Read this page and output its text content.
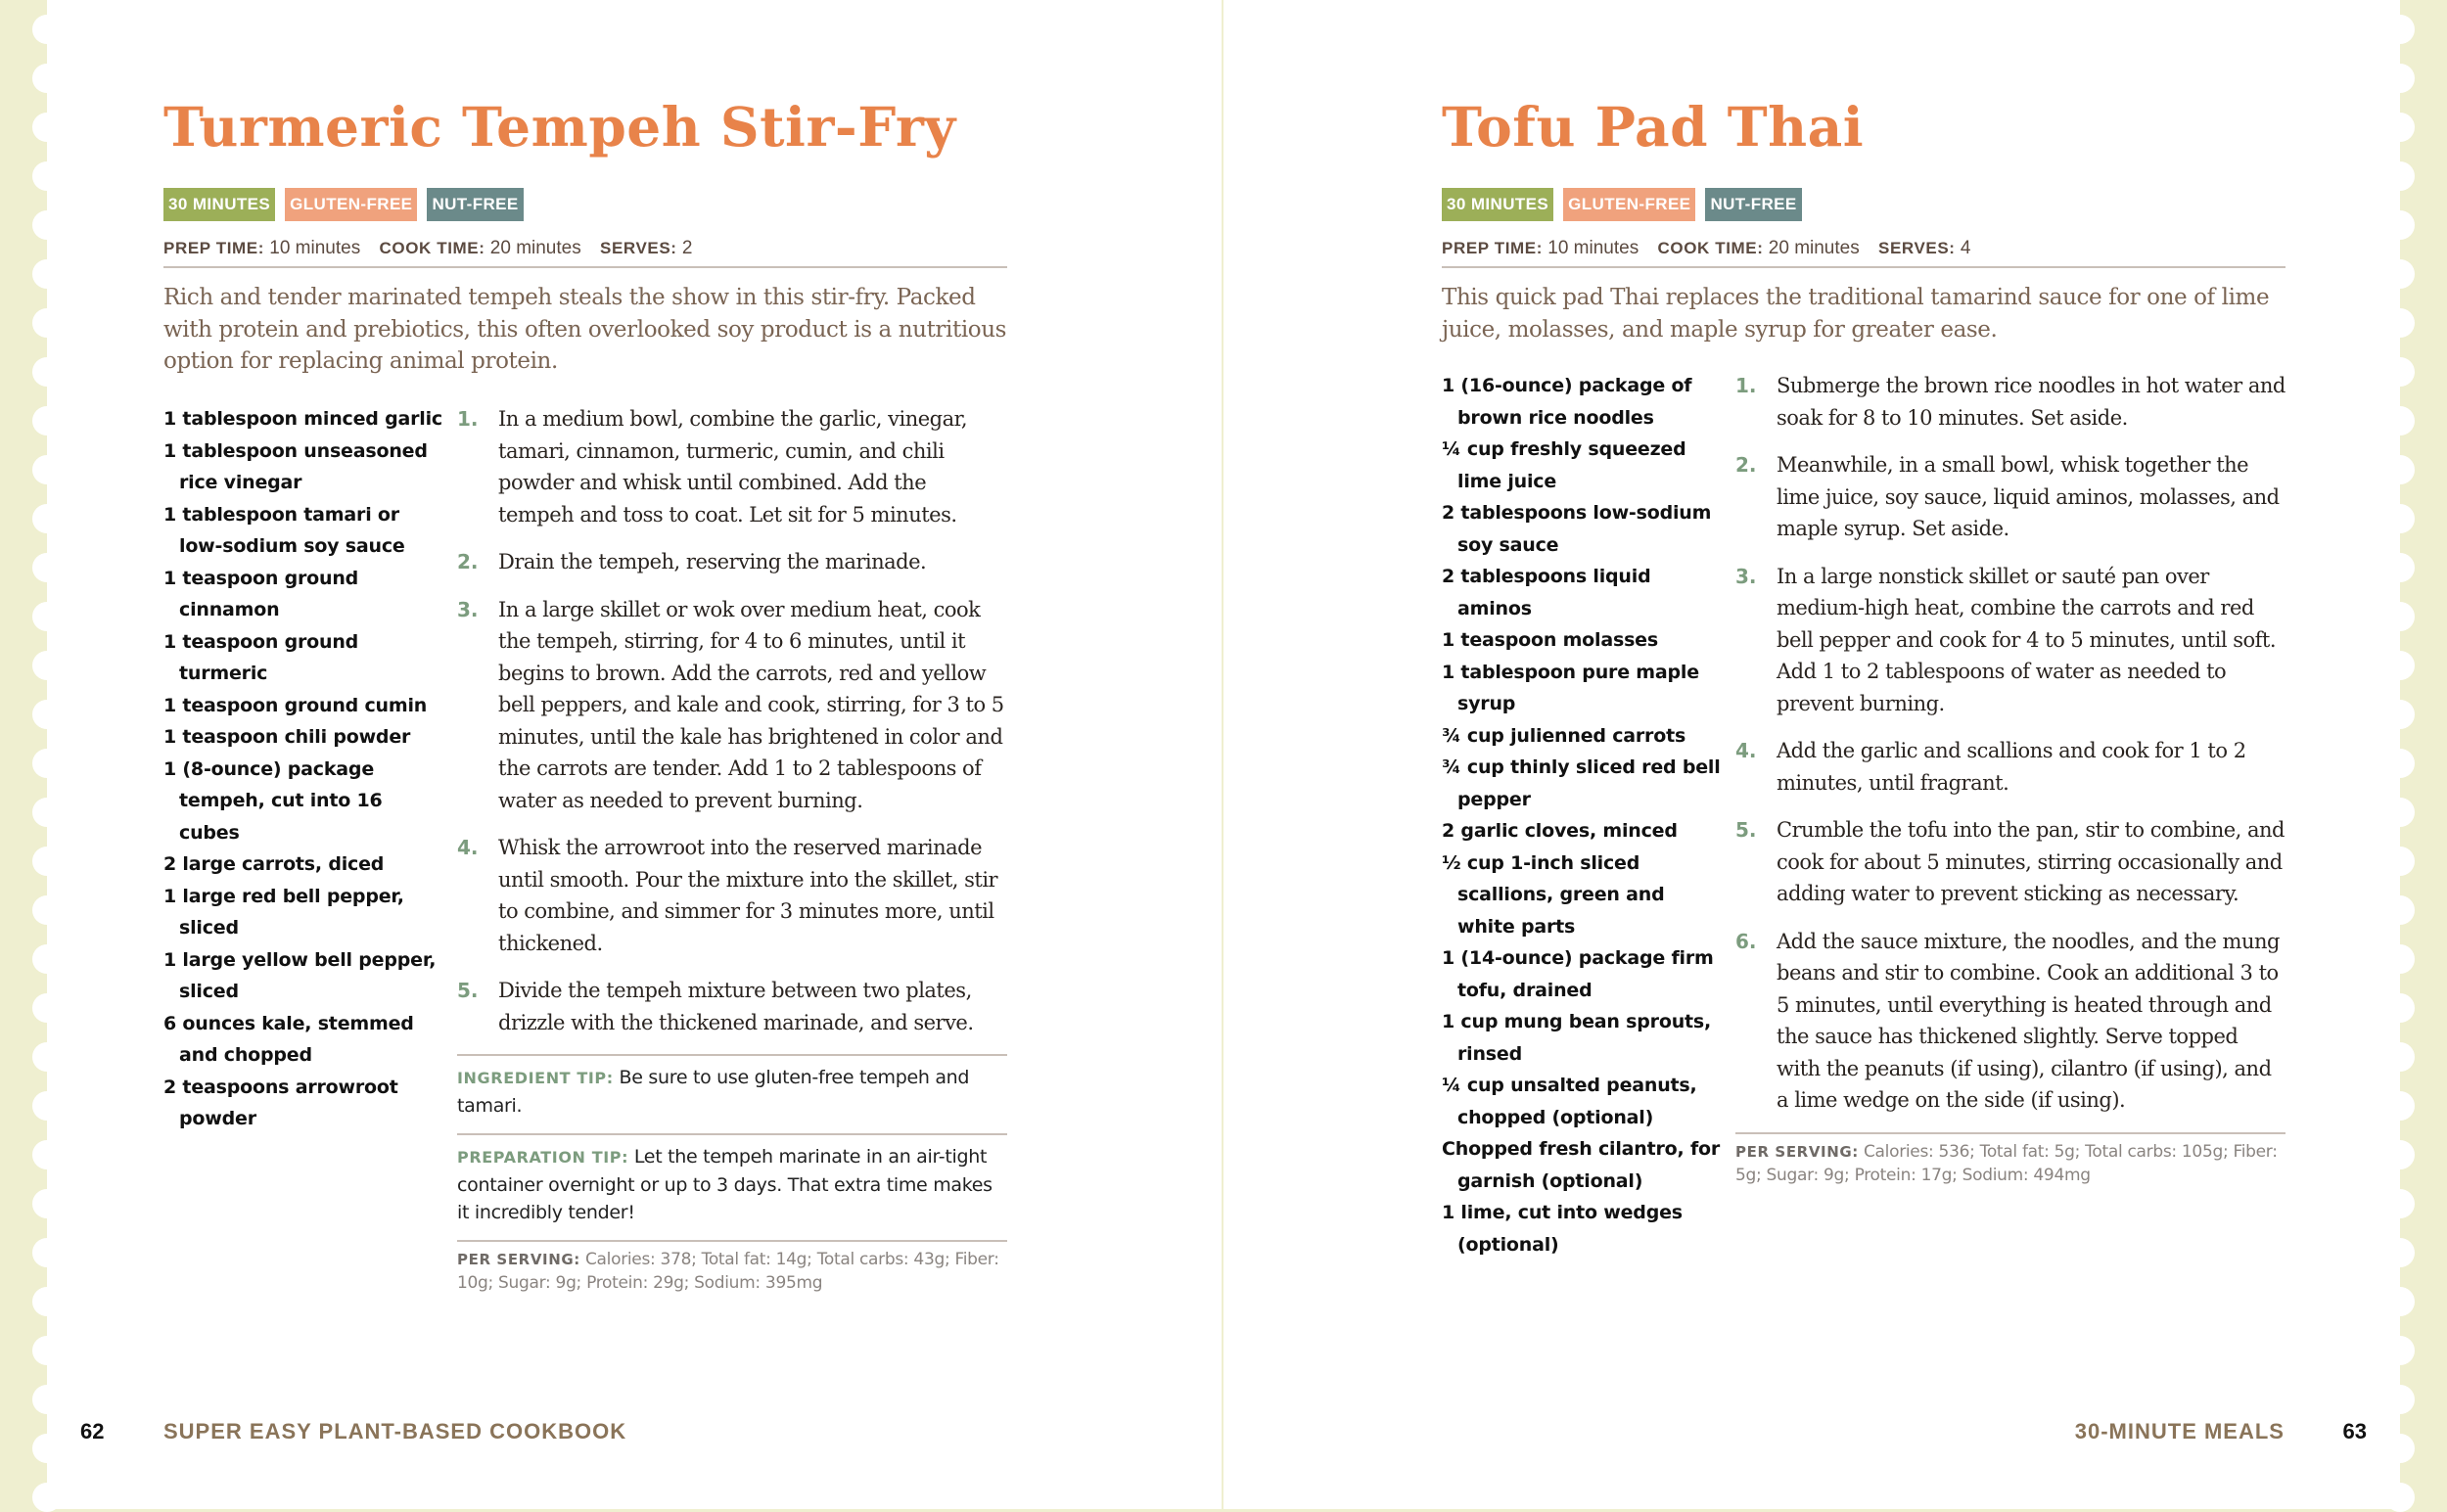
Turmeric Tempeh Stir-Fry
30 MINUTES GLUTEN-FREE NUT-FREE
PREP TIME: 10 minutes COOK TIME: 20 minutes SERVES: 2
Rich and tender marinated tempeh steals the show in this stir-fry. Packed with protein and prebiotics, this often overlooked soy product is a nutritious option for replacing animal protein.
1 tablespoon minced garlic
1 tablespoon unseasoned rice vinegar
1 tablespoon tamari or low-sodium soy sauce
1 teaspoon ground cinnamon
1 teaspoon ground turmeric
1 teaspoon ground cumin
1 teaspoon chili powder
1 (8-ounce) package tempeh, cut into 16 cubes
2 large carrots, diced
1 large red bell pepper, sliced
1 large yellow bell pepper, sliced
6 ounces kale, stemmed and chopped
2 teaspoons arrowroot powder
1. In a medium bowl, combine the garlic, vinegar, tamari, cinnamon, turmeric, cumin, and chili powder and whisk until combined. Add the tempeh and toss to coat. Let sit for 5 minutes.
2. Drain the tempeh, reserving the marinade.
3. In a large skillet or wok over medium heat, cook the tempeh, stirring, for 4 to 6 minutes, until it begins to brown. Add the carrots, red and yellow bell peppers, and kale and cook, stirring, for 3 to 5 minutes, until the kale has brightened in color and the carrots are tender. Add 1 to 2 tablespoons of water as needed to prevent burning.
4. Whisk the arrowroot into the reserved marinade until smooth. Pour the mixture into the skillet, stir to combine, and simmer for 3 minutes more, until thickened.
5. Divide the tempeh mixture between two plates, drizzle with the thickened marinade, and serve.
INGREDIENT TIP: Be sure to use gluten-free tempeh and tamari.
PREPARATION TIP: Let the tempeh marinate in an air-tight container overnight or up to 3 days. That extra time makes it incredibly tender!
PER SERVING: Calories: 378; Total fat: 14g; Total carbs: 43g; Fiber: 10g; Sugar: 9g; Protein: 29g; Sodium: 395mg
Tofu Pad Thai
30 MINUTES GLUTEN-FREE NUT-FREE
PREP TIME: 10 minutes COOK TIME: 20 minutes SERVES: 4
This quick pad Thai replaces the traditional tamarind sauce for one of lime juice, molasses, and maple syrup for greater ease.
1 (16-ounce) package of brown rice noodles
¼ cup freshly squeezed lime juice
2 tablespoons low-sodium soy sauce
2 tablespoons liquid aminos
1 teaspoon molasses
1 tablespoon pure maple syrup
¾ cup julienned carrots
¾ cup thinly sliced red bell pepper
2 garlic cloves, minced
½ cup 1-inch sliced scallions, green and white parts
1 (14-ounce) package firm tofu, drained
1 cup mung bean sprouts, rinsed
¼ cup unsalted peanuts, chopped (optional)
Chopped fresh cilantro, for garnish (optional)
1 lime, cut into wedges (optional)
1. Submerge the brown rice noodles in hot water and soak for 8 to 10 minutes. Set aside.
2. Meanwhile, in a small bowl, whisk together the lime juice, soy sauce, liquid aminos, molasses, and maple syrup. Set aside.
3. In a large nonstick skillet or sauté pan over medium-high heat, combine the carrots and red bell pepper and cook for 4 to 5 minutes, until soft. Add 1 to 2 tablespoons of water as needed to prevent burning.
4. Add the garlic and scallions and cook for 1 to 2 minutes, until fragrant.
5. Crumble the tofu into the pan, stir to combine, and cook for about 5 minutes, stirring occasionally and adding water to prevent sticking as necessary.
6. Add the sauce mixture, the noodles, and the mung beans and stir to combine. Cook an additional 3 to 5 minutes, until everything is heated through and the sauce has thickened slightly. Serve topped with the peanuts (if using), cilantro (if using), and a lime wedge on the side (if using).
PER SERVING: Calories: 536; Total fat: 5g; Total carbs: 105g; Fiber: 5g; Sugar: 9g; Protein: 17g; Sodium: 494mg
62	SUPER EASY PLANT-BASED COOKBOOK	30-MINUTE MEALS	63
